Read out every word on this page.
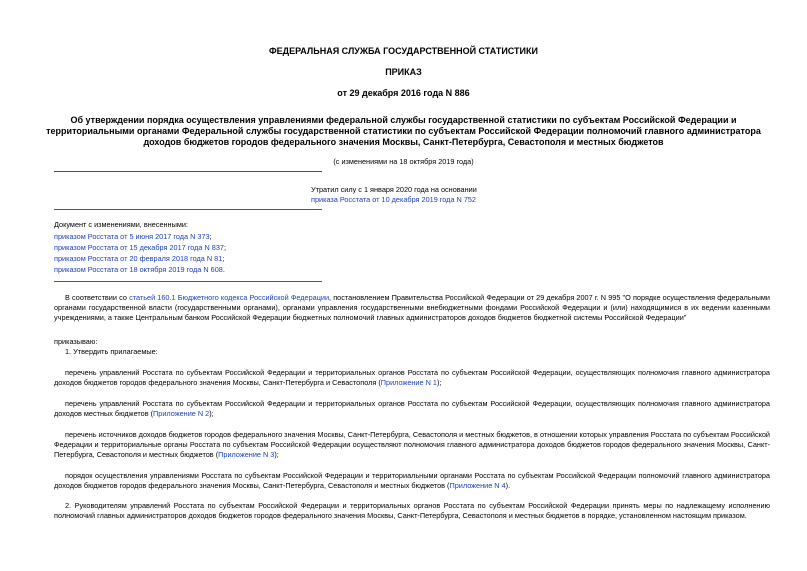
ФЕДЕРАЛЬНАЯ СЛУЖБА ГОСУДАРСТВЕННОЙ СТАТИСТИКИ
ПРИКАЗ
от 29 декабря 2016 года N 886
Об утверждении порядка осуществления управлениями федеральной службы государственной статистики по субъектам Российской Федерации и
территориальными органами Федеральной службы государственной статистики по субъектам Российской Федерации полномочий главного администратора
доходов бюджетов городов федерального значения Москвы, Санкт-Петербурга, Севастополя и местных бюджетов
(с изменениями на 18 октября 2019 года)
Утратил силу с 1 января 2020 года на основании
приказа Росстата от 10 декабря 2019 года N 752
Документ с изменениями, внесенными:
приказом Росстата от 5 июня 2017 года N 373;
приказом Росстата от 15 декабря 2017 года N 837;
приказом Росстата от 20 февраля 2018 года N 81;
приказом Росстата от 18 октября 2019 года N 608.
В соответствии со статьей 160.1 Бюджетного кодекса Российской Федерации, постановлением Правительства Российской Федерации от 29 декабря 2007 г. N 995 "О порядке осуществления федеральными органами государственной власти (государственными органами), органами управления государственными внебюджетными фондами Российской Федерации и (или) находящимися в их ведении казенными учреждениями, а также Центральным банком Российской Федерации бюджетных полномочий главных администраторов доходов бюджетов бюджетной системы Российской Федерации"
приказываю:
1. Утвердить прилагаемые:
перечень управлений Росстата по субъектам Российской Федерации и территориальных органов Росстата по субъектам Российской Федерации, осуществляющих полномочия главного администратора доходов бюджетов городов федерального значения Москвы, Санкт-Петербурга и Севастополя (Приложение N 1);
перечень управлений Росстата по субъектам Российской Федерации и территориальных органов Росстата по субъектам Российской Федерации, осуществляющих полномочия главного администратора доходов местных бюджетов (Приложение N 2);
перечень источников доходов бюджетов городов федерального значения Москвы, Санкт-Петербурга, Севастополя и местных бюджетов, в отношении которых управления Росстата по субъектам Российской Федерации и территориальные органы Росстата по субъектам Российской Федерации осуществляют полномочия главного администратора доходов бюджетов городов федерального значения Москвы, Санкт-Петербурга, Севастополя и местных бюджетов (Приложение N 3);
порядок осуществления управлениями Росстата по субъектам Российской Федерации и территориальными органами Росстата по субъектам Российской Федерации полномочий главного администратора доходов бюджетов городов федерального значения Москвы, Санкт-Петербурга, Севастополя и местных бюджетов (Приложение N 4).
2. Руководителям управлений Росстата по субъектам Российской Федерации и территориальных органов Росстата по субъектам Российской Федерации принять меры по надлежащему исполнению полномочий главных администраторов доходов бюджетов городов федерального значения Москвы, Санкт-Петербурга, Севастополя и местных бюджетов в порядке, установленном настоящим приказом.
